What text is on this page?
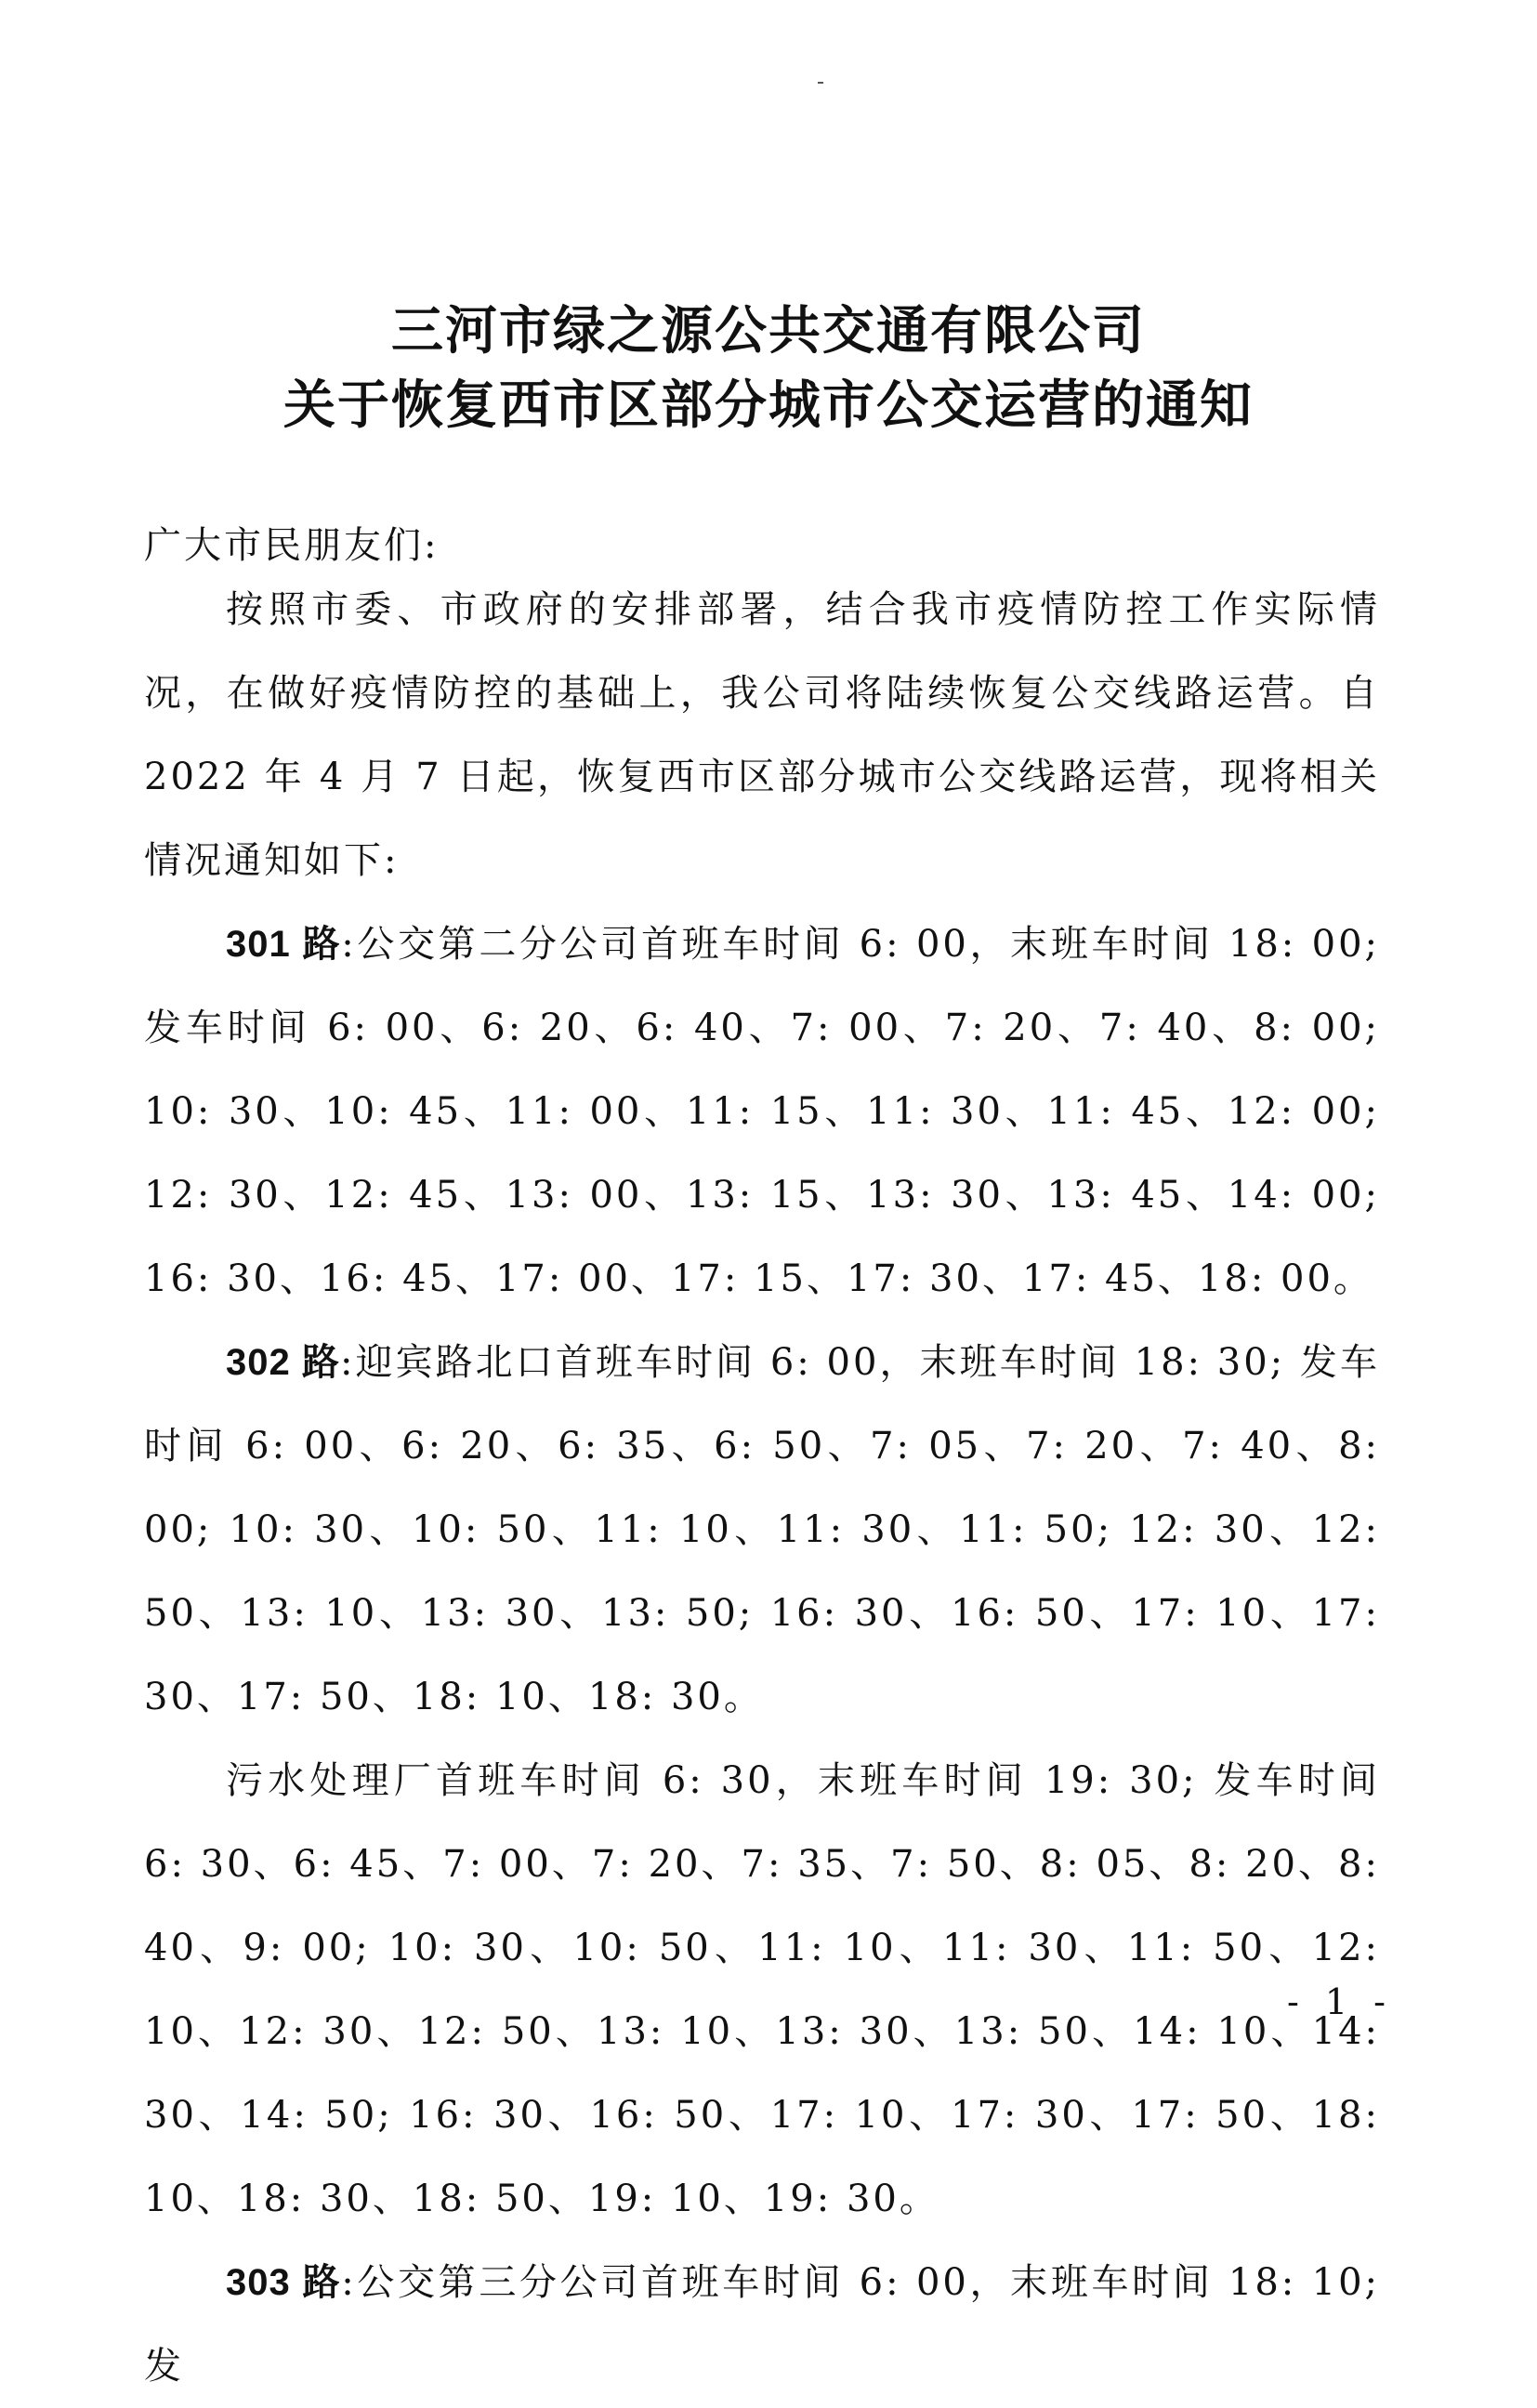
三河市绿之源公共交通有限公司
关于恢复西市区部分城市公交运营的通知
广大市民朋友们:

按照市委、市政府的安排部署，结合我市疫情防控工作实际情况，在做好疫情防控的基础上，我公司将陆续恢复公交线路运营。自 2022 年 4 月 7 日起，恢复西市区部分城市公交线路运营，现将相关情况通知如下:

301 路:公交第二分公司首班车时间 6: 00，末班车时间 18: 00; 发车时间 6: 00、6: 20、6: 40、7: 00、7: 20、7: 40、8: 00; 10: 30、10: 45、11: 00、11: 15、11: 30、11: 45、12: 00; 12: 30、12: 45、13: 00、13: 15、13: 30、13: 45、14: 00; 16: 30、16: 45、17: 00、17: 15、17: 30、17: 45、18: 00。

302 路:迎宾路北口首班车时间 6: 00，末班车时间 18: 30; 发车时间 6: 00、6: 20、6: 35、6: 50、7: 05、7: 20、7: 40、8: 00; 10: 30、10: 50、11: 10、11: 30、11: 50; 12: 30、12: 50、13: 10、13: 30、13: 50; 16: 30、16: 50、17: 10、17: 30、17: 50、18: 10、18: 30。

污水处理厂首班车时间 6: 30，末班车时间 19: 30; 发车时间 6: 30、6: 45、7: 00、7: 20、7: 35、7: 50、8: 05、8: 20、8: 40、9: 00; 10: 30、10: 50、11: 10、11: 30、11: 50、12: 10、12: 30、12: 50、13: 10、13: 30、13: 50、14: 10、14: 30、14: 50; 16: 30、16: 50、17: 10、17: 30、17: 50、18: 10、18: 30、18: 50、19: 10、19: 30。

303 路:公交第三分公司首班车时间 6: 00，末班车时间 18: 10; 发

- 1 -
